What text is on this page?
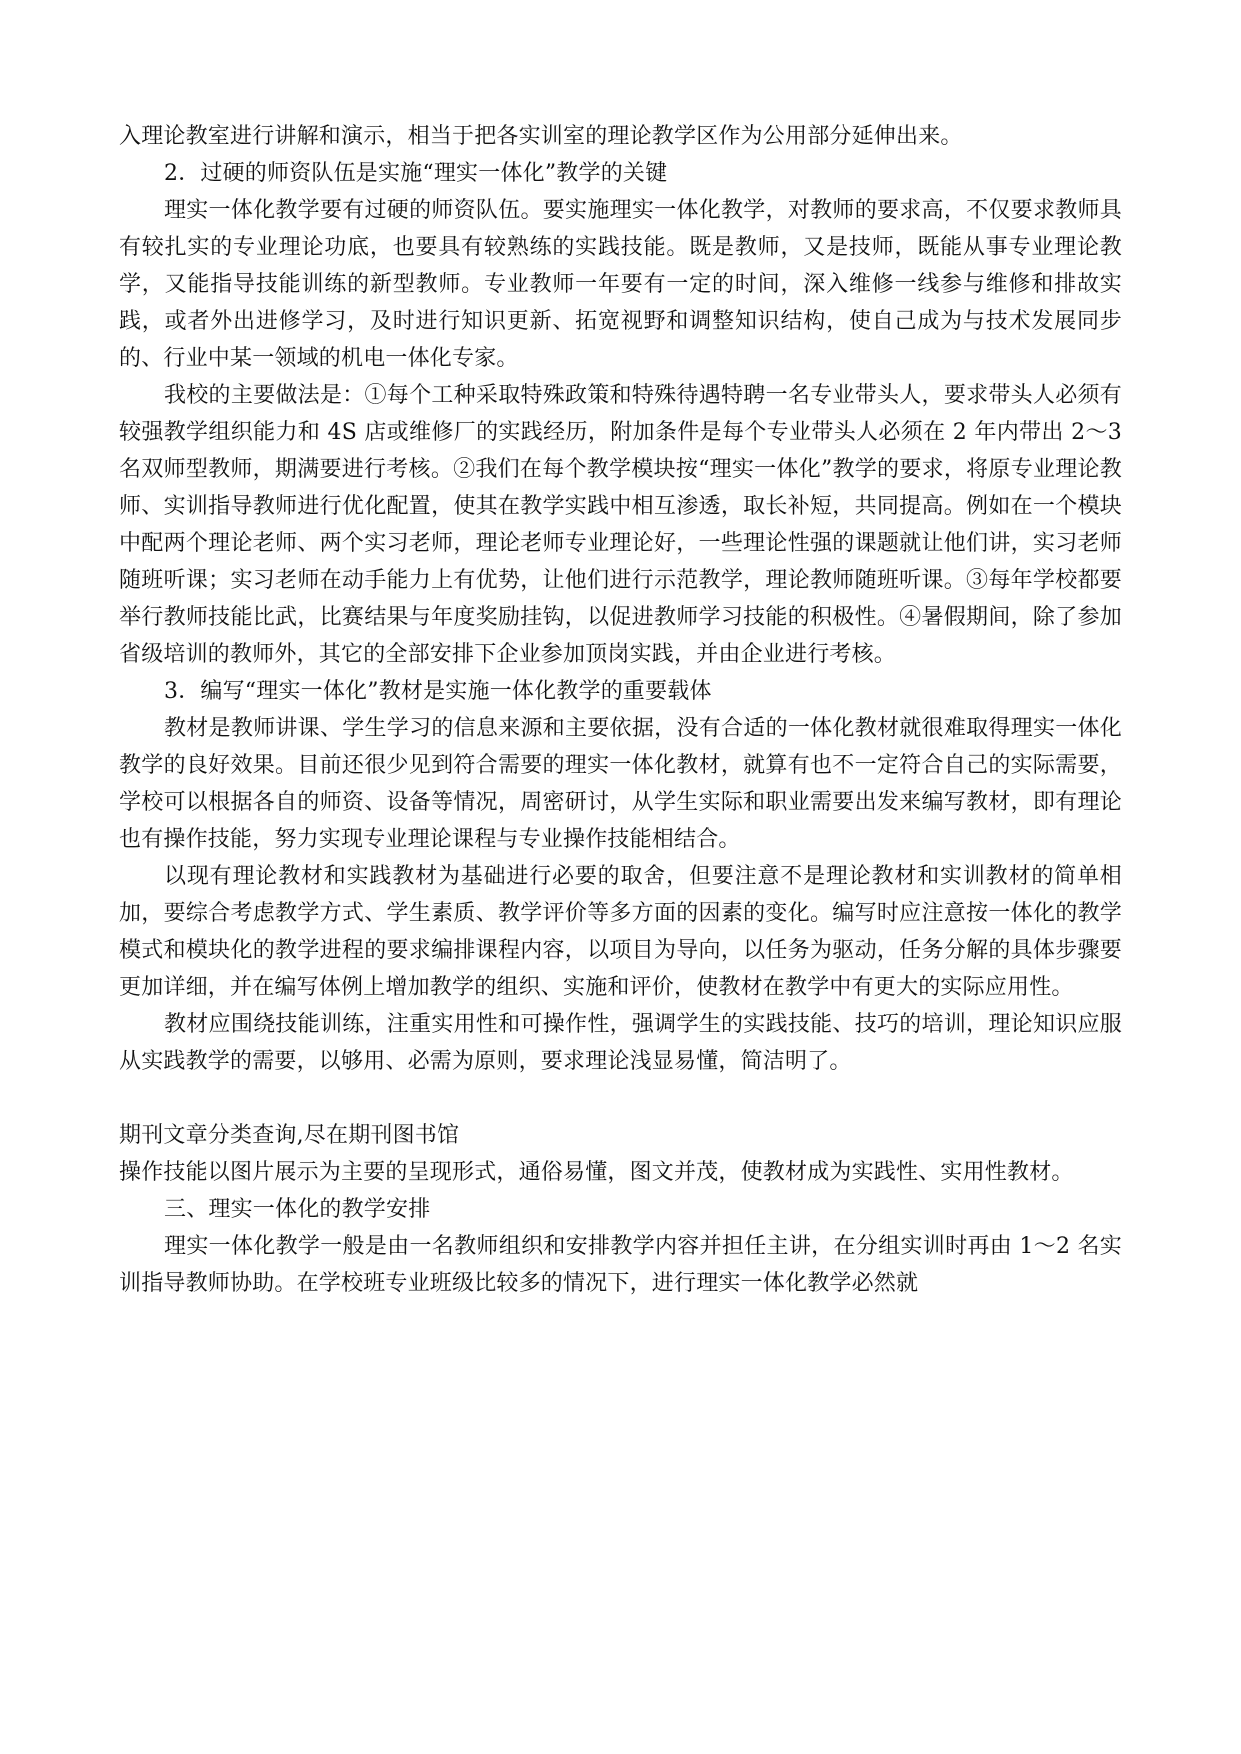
入理论教室进行讲解和演示，相当于把各实训室的理论教学区作为公用部分延伸出来。

2．过硬的师资队伍是实施“理实一体化”教学的关键

理实一体化教学要有过硬的师资队伍。要实施理实一体化教学，对教师的要求高，不仅要求教师具有较扎实的专业理论功底，也要具有较熟练的实践技能。既是教师，又是技师，既能从事专业理论教学，又能指导技能训练的新型教师。专业教师一年要有一定的时间，深入维修一线参与维修和排故实践，或者外出进修学习，及时进行知识更新、拓宽视野和调整知识结构，使自己成为与技术发展同步的、行业中某一领域的机电一体化专家。

我校的主要做法是：①每个工种采取特殊政策和特殊待遇特聘一名专业带头人，要求带头人必须有较强教学组织能力和 4S 店或维修厂的实践经历，附加条件是每个专业带头人必须在 2 年内带出 2～3 名双师型教师，期满要进行考核。②我们在每个教学模块按“理实一体化”教学的要求，将原专业理论教师、实训指导教师进行优化配置，使其在教学实践中相互渗透，取长补短，共同提高。例如在一个模块中配两个理论老师、两个实习老师，理论老师专业理论好，一些理论性强的课题就让他们讲，实习老师随班听课；实习老师在动手能力上有优势，让他们进行示范教学，理论教师随班听课。③每年学校都要举行教师技能比武，比赛结果与年度奖励挂钩，以促进教师学习技能的积极性。④暑假期间，除了参加省级培训的教师外，其它的全部安排下企业参加顶岗实践，并由企业进行考核。

3．编写“理实一体化”教材是实施一体化教学的重要载体

教材是教师讲课、学生学习的信息来源和主要依据，没有合适的一体化教材就很难取得理实一体化教学的良好效果。目前还很少见到符合需要的理实一体化教材，就算有也不一定符合自己的实际需要，学校可以根据各自的师资、设备等情况，周密研讨，从学生实际和职业需要出发来编写教材，即有理论也有操作技能，努力实现专业理论课程与专业操作技能相结合。

以现有理论教材和实践教材为基础进行必要的取舍，但要注意不是理论教材和实训教材的简单相加，要综合考虑教学方式、学生素质、教学评价等多方面的因素的变化。编写时应注意按一体化的教学模式和模块化的教学进程的要求编排课程内容，以项目为导向，以任务为驱动，任务分解的具体步骤要更加详细，并在编写体例上增加教学的组织、实施和评价，使教材在教学中有更大的实际应用性。

教材应围绕技能训练，注重实用性和可操作性，强调学生的实践技能、技巧的培训，理论知识应服从实践教学的需要，以够用、必需为原则，要求理论浅显易懂，简洁明了。

期刊文章分类查询,尽在期刊图书馆

操作技能以图片展示为主要的呈现形式，通俗易懂，图文并茂，使教材成为实践性、实用性教材。

三、理实一体化的教学安排

理实一体化教学一般是由一名教师组织和安排教学内容并担任主讲，在分组实训时再由 1～2 名实训指导教师协助。在学校班专业班级比较多的情况下，进行理实一体化教学必然就
